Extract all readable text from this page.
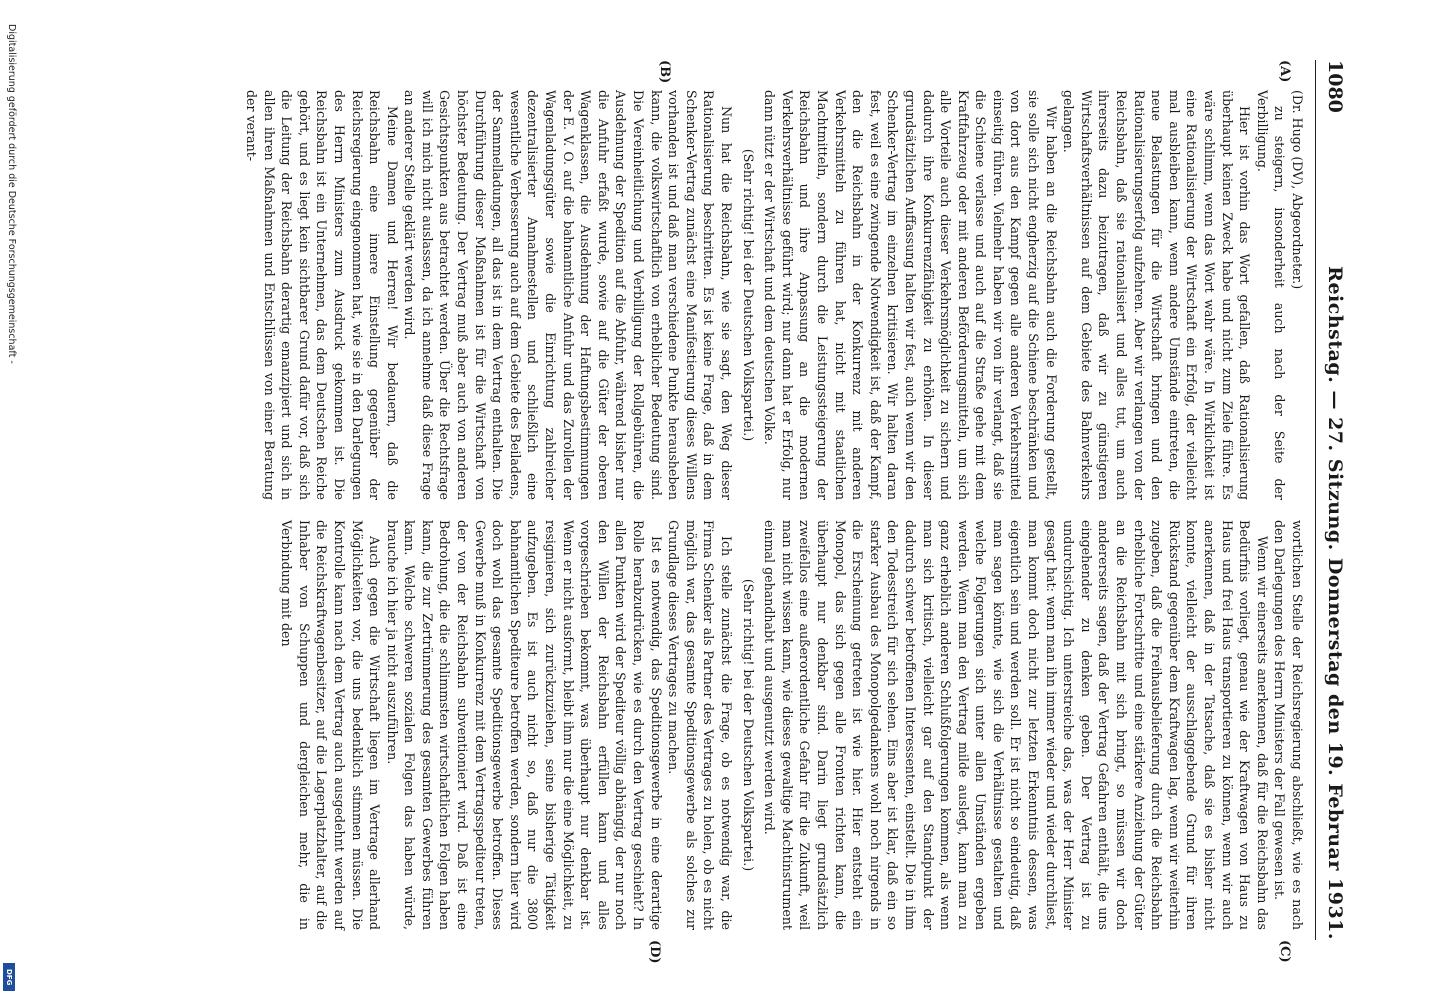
1080
Reichstag. — 27. Sitzung. Donnerstag den 19. Februar 1931.
(A)
(B)
(C)
(D)

(Dr. Hugo (DV), Abgeordneter.)

zu steigern, insonderheit auch nach der Seite der Verbilligung.

Hier ist vorhin das Wort gefallen, daß Rationalisierung überhaupt keinen Zweck habe und nicht zum Ziele führe. Es wäre schlimm, wenn das Wort wahr wäre. In Wirklichkeit ist eine Rationalisierung der Wirtschaft ein Erfolg, der vielleicht mal ausbleiben kann, wenn andere Umstände eintreten, die neue Belastungen für die Wirtschaft bringen und den Rationalisierungserfolg aufzehren. Aber wir verlangen von der Reichsbahn, daß sie rationalisiert und alles tut, um auch ihrerseits dazu beizutragen, daß wir zu günstigeren Wirtschaftsverhältnissen auf dem Gebiete des Bahnverkehrs gelangen.

Wir haben an die Reichsbahn auch die Forderung gestellt, sie solle sich nicht engherzig auf die Schiene beschränken und von dort aus den Kampf gegen alle anderen Verkehrsmittel einseitig führen. Vielmehr haben wir von ihr verlangt, daß sie die Schiene verlasse und auch auf die Straße gehe mit dem Kraftfahrzeug oder mit anderen Beförderungsmitteln, um sich alle Vorteile auch dieser Verkehrsmöglichkeit zu sichern und dadurch ihre Konkurrenzfähigkeit zu erhöhen. In dieser grundsätzlichen Auffassung halten wir fest, auch wenn wir den Schenker-Vertrag im einzelnen kritisieren. Wir halten daran fest, weil es eine zwingende Notwendigkeit ist, daß der Kampf, den die Reichsbahn in der Konkurrenz mit anderen Verkehrsmitteln zu führen hat, nicht mit staatlichen Machtmitteln, sondern durch die Leistungssteigerung der Reichsbahn und ihre Anpassung an die modernen Verkehrsverhältnisse geführt wird; nur dann hat er Erfolg, nur dann nützt er der Wirtschaft und dem deutschen Volke.

(Sehr richtig! bei der Deutschen Volkspartei.)

Nun hat die Reichsbahn, wie sie sagt, den Weg dieser Rationalisierung beschritten. Es ist keine Frage, daß in dem Schenker-Vertrag zunächst eine Manifestierung dieses Willens vorhanden ist und daß man verschiedene Punkte herausheben kann, die volkswirtschaftlich von erheblicher Bedeutung sind. Die Vereinheitlichung und Verbilligung der Rollgebühren, die Ausdehnung der Spedition auf die Abfuhr, während bisher nur die Anfuhr erfaßt wurde, sowie auf die Güter der oberen Wagenklassen, die Ausdehnung der Haftungsbestimmungen der E. V. O. auf die bahnamtliche Anfuhr und das Zurollen der Wagenladungsgüter sowie die Einrichtung zahlreicher dezentralisierter Annahmestellen und schließlich eine wesentliche Verbesserung auch auf dem Gebiete des Beiladens, der Sammelladungen, all das ist in dem Vertrag enthalten. Die Durchführung dieser Maßnahmen ist für die Wirtschaft von höchster Bedeutung. Der Vertrag muß aber auch von anderen Gesichtspunkten aus betrachtet werden. Über die Rechtsfrage will ich mich nicht auslassen, da ich annehme daß diese Frage an anderer Stelle geklärt werden wird.

Meine Damen und Herren! Wir bedauern, daß die Reichsbahn eine innere Einstellung gegenüber der Reichsregierung eingenommen hat, wie sie in den Darlegungen des Herrn Ministers zum Ausdruck gekommen ist. Die Reichsbahn ist ein Unternehmen, das dem Deutschen Reiche gehört, und es liegt kein sichtbarer Grund dafür vor, daß sich die Leitung der Reichsbahn derartig emanzipiert und sich in allen ihren Maßnahmen und Entschlüssen von einer Beratung der verant-

wortlichen Stelle der Reichsregierung abschließt, wie es nach den Darlegungen des Herrn Ministers der Fall gewesen ist.

Wenn wir einerseits anerkennen, daß für die Reichsbahn das Bedürfnis vorliegt, genau wie der Kraftwagen von Haus zu Haus und frei Haus transportieren zu können, wenn wir auch anerkennen, daß in der Tatsache, daß sie es bisher nicht konnte, vielleicht der ausschlaggebende Grund für ihren Rückstand gegenüber dem Kraftwagen lag, wenn wir weiterhin zugeben, daß die Freihausbelieferung durch die Reichsbahn erhebliche Fortschritte und eine stärkere Anziehung der Güter an die Reichsbahn mit sich bringt, so müssen wir doch andererseits sagen, daß der Vertrag Gefahren enthält, die uns eingehender zu denken geben. Der Vertrag ist zu undurchsichtig. Ich unterstreiche das, was der Herr Minister gesagt hat: wenn man ihn immer wieder und wieder durchliest, man kommt doch nicht zur letzten Erkenntnis dessen, was eigentlich sein und werden soll. Er ist nicht so eindeutig, daß man sagen könnte, wie sich die Verhältnisse gestalten und welche Folgerungen sich unter allen Umständen ergeben werden. Wenn man den Vertrag milde auslegt, kann man zu ganz erheblich anderen Schlußfolgerungen kommen, als wenn man sich kritisch, vielleicht gar auf den Standpunkt der dadurch schwer betroffenen Interessenten, einstellt. Die in ihm den Todesstreich für sich sehen. Eins aber ist klar, daß ein so starker Ausbau des Monopolgedankens wohl noch nirgends in die Erscheinung getreten ist wie hier. Hier entsteht ein Monopol, das sich gegen alle Fronten richten kann, die überhaupt nur denkbar sind. Darin liegt grundsätzlich zweifellos eine außerordentliche Gefahr für die Zukunft, weil man nicht wissen kann, wie dieses gewaltige Machtinstrument einmal gehandhabt und ausgenutzt werden wird.

(Sehr richtig! bei der Deutschen Volkspartei.)

Ich stelle zunächst die Frage, ob es notwendig war, die Firma Schenker als Partner des Vertrages zu holen, ob es nicht möglich war, das gesamte Speditionsgewerbe als solches zur Grundlage dieses Vertrages zu machen.

Ist es notwendig, das Speditionsgewerbe in eine derartige Rolle herabzudrücken, wie es durch den Vertrag geschieht? In allen Punkten wird der Spediteur völlig abhängig, der nur noch den Willen der Reichsbahn erfüllen kann und alles vorgeschrieben bekommt, was überhaupt nur denkbar ist. Wenn er nicht ausformt, bleibt ihm nur die eine Möglichkeit, zu resignieren, sich zurückzuziehen, seine bisherige Tätigkeit aufzugeben. Es ist auch nicht so, daß nur die 3800 bahnamtlichen Spediteure betroffen werden, sondern hier wird doch wohl das gesamte Speditionsgewerbe betroffen. Dieses Gewerbe muß in Konkurrenz mit dem Vertragsspediteur treten, der von der Reichsbahn subventioniert wird. Daß ist eine Bedrohung, die die schlimmsten wirtschaftlichen Folgen haben kann, die zur Zertrümmerung des gesamten Gewerbes führen kann. Welche schweren sozialen Folgen das haben würde, brauche ich hier ja nicht auszuführen.

Auch gegen die Wirtschaft liegen im Vertrage allerhand Möglichkeiten vor, die uns bedenklich stimmen müssen. Die Kontrolle kann nach dem Vertrag auch ausgedehnt werden auf die Reichskraftwagenbesitzer, auf die Lagerplatzhalter, auf die Inhaber von Schuppen und dergleichen mehr, die in Verbindung mit den

Digitalisierung gefördert durch die Deutsche Forschungsgemeinschaft -
DFG
